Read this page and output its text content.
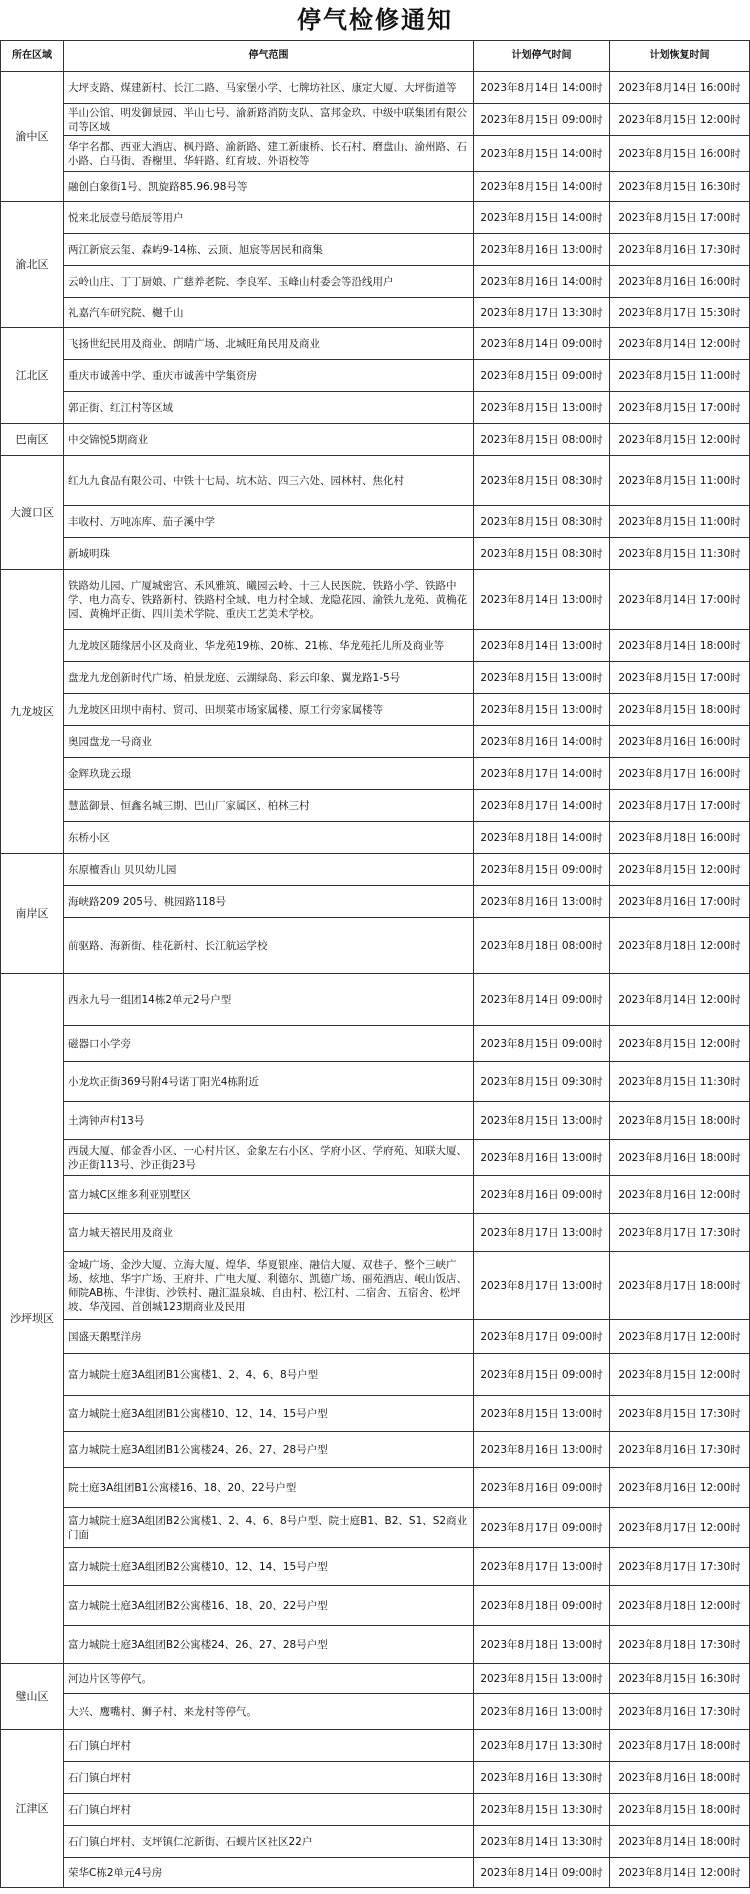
停气检修通知
所在区域	停气范围	计划停气时间	计划恢复时间
渝中区	大坪支路、煤建新村、长江二路、马家堡小学、七牌坊社区、康定大厦、大坪街道等	2023年8月14日 14:00时	2023年8月14日 16:00时
	半山公馆、明发御景园、半山七号、渝新路消防支队、富邦金玖、中级中联集团有限公司等区域	2023年8月15日 09:00时	2023年8月15日 12:00时
	华宇名都、西亚大酒店、枫丹路、渝新路、建工新康桥、长石村、磨盘山、渝州路、石小路、白马街、香榭里、华轩路、红育坡、外语校等	2023年8月15日 14:00时	2023年8月15日 16:00时
	融创白象街1号、凯旋路85.96.98号等	2023年8月15日 14:00时	2023年8月15日 16:30时
渝北区	悦来北辰壹号皓辰等用户	2023年8月15日 14:00时	2023年8月15日 17:00时
	两江新宸云玺、森屿9-14栋、云顶、旭宸等居民和商集	2023年8月16日 13:00时	2023年8月16日 17:30时
	云岭山庄、丁丁厨娘、广慈养老院、李良军、玉峰山村委会等沿线用户	2023年8月16日 14:00时	2023年8月16日 16:00时
	礼嘉汽车研究院、樾千山	2023年8月17日 13:30时	2023年8月17日 15:30时
江北区	飞扬世纪民用及商业、朗晴广场、北城旺角民用及商业	2023年8月14日 09:00时	2023年8月14日 12:00时
	重庆市诚善中学、重庆市诚善中学集资房	2023年8月15日 09:00时	2023年8月15日 11:00时
	郭正街、红江村等区域	2023年8月15日 13:00时	2023年8月15日 17:00时
巴南区	中交锦悦5期商业	2023年8月15日 08:00时	2023年8月15日 12:00时
大渡口区	红九九食品有限公司、中铁十七局、坑木站、四三六处、园林村、焦化村	2023年8月15日 08:30时	2023年8月15日 11:00时
	丰收村、万吨冻库、茄子溪中学	2023年8月15日 08:30时	2023年8月15日 11:00时
	新城明珠	2023年8月15日 08:30时	2023年8月15日 11:30时
九龙坡区	铁路幼儿园、广厦城密宫、禾风雅筑、曦园云岭、十三人民医院、铁路小学、铁路中学、电力高专、铁路新村、铁路村全域、电力村全域、龙隐花园、渝铁九龙苑、黄桷花园、黄桷坪正街、四川美术学院、重庆工艺美术学校。	2023年8月14日 13:00时	2023年8月14日 17:00时
	九龙坡区随缘居小区及商业、华龙苑19栋、20栋、21栋、华龙苑托儿所及商业等	2023年8月14日 13:00时	2023年8月14日 18:00时
	盘龙九龙创新时代广场、柏景龙庭、云湖绿岛、彩云印象、翼龙路1-5号	2023年8月15日 13:00时	2023年8月15日 17:00时
	九龙坡区田坝中南村、贸司、田坝菜市场家属楼、原工行旁家属楼等	2023年8月15日 13:00时	2023年8月15日 18:00时
	奥园盘龙一号商业	2023年8月16日 14:00时	2023年8月16日 16:00时
	金辉玖珑云璟	2023年8月17日 14:00时	2023年8月17日 16:00时
	慧蓝御景、恒鑫名城三期、巴山厂家属区、柏林三村	2023年8月17日 14:00时	2023年8月17日 17:00时
	东桥小区	2023年8月18日 14:00时	2023年8月18日 16:00时
南岸区	东原檀香山 贝贝幼儿园	2023年8月15日 09:00时	2023年8月15日 12:00时
	海峡路209 205号、桃园路118号	2023年8月16日 13:00时	2023年8月16日 17:00时
	前驱路、海新街、桂花新村、长江航运学校	2023年8月18日 08:00时	2023年8月18日 12:00时
沙坪坝区	西永九号一组团14栋2单元2号户型	2023年8月14日 09:00时	2023年8月14日 12:00时
	磁器口小学旁	2023年8月15日 09:00时	2023年8月15日 12:00时
	小龙坎正街369号附4号诺丁阳光4栋附近	2023年8月15日 09:30时	2023年8月15日 11:30时
	土湾钟声村13号	2023年8月15日 13:00时	2023年8月15日 18:00时
	西晟大厦、郁金香小区、一心村片区、金象左右小区、学府小区、学府苑、知联大厦、沙正街113号、沙正街23号	2023年8月16日 13:00时	2023年8月16日 18:00时
	富力城C区维多利亚别墅区	2023年8月16日 09:00时	2023年8月16日 12:00时
	富力城天禧民用及商业	2023年8月17日 13:00时	2023年8月17日 17:30时
	金城广场、金沙大厦、立海大厦、煌华、华夏银座、融信大厦、双巷子、整个三峡广场、炫地、华宇广场、王府井、广电大厦、利德尔、凯德广场、丽苑酒店、岷山饭店、师院AB栋、牛津街、沙铁村、融汇温泉城、自由村、松江村、二宿舍、五宿舍、松坪坡、华茂园、首创城123期商业及民用	2023年8月17日 13:00时	2023年8月17日 18:00时
	国盛天鹅墅洋房	2023年8月17日 09:00时	2023年8月17日 12:00时
	富力城院士庭3A组团B1公寓楼1、2、4、6、8号户型	2023年8月15日 09:00时	2023年8月15日 12:00时
	富力城院士庭3A组团B1公寓楼10、12、14、15号户型	2023年8月15日 13:00时	2023年8月15日 17:30时
	富力城院士庭3A组团B1公寓楼24、26、27、28号户型	2023年8月16日 13:00时	2023年8月16日 17:30时
	院士庭3A组团B1公寓楼16、18、20、22号户型	2023年8月16日 09:00时	2023年8月16日 12:00时
	富力城院士庭3A组团B2公寓楼1、2、4、6、8号户型、院士庭B1、B2、S1、S2商业门面	2023年8月17日 09:00时	2023年8月17日 12:00时
	富力城院士庭3A组团B2公寓楼10、12、14、15号户型	2023年8月17日 13:00时	2023年8月17日 17:30时
	富力城院士庭3A组团B2公寓楼16、18、20、22号户型	2023年8月18日 09:00时	2023年8月18日 12:00时
	富力城院士庭3A组团B2公寓楼24、26、27、28号户型	2023年8月18日 13:00时	2023年8月18日 17:30时
璧山区	河边片区等停气。	2023年8月15日 13:00时	2023年8月15日 16:30时
	大兴、鹰嘴村、狮子村、来龙村等停气。	2023年8月16日 13:00时	2023年8月16日 17:30时
江津区	石门镇白坪村	2023年8月17日 13:30时	2023年8月17日 18:00时
	石门镇白坪村	2023年8月16日 13:30时	2023年8月16日 18:00时
	石门镇白坪村	2023年8月15日 13:30时	2023年8月15日 18:00时
	石门镇白坪村、支坪镇仁沱新街、石蟆片区社区22户	2023年8月14日 13:30时	2023年8月14日 18:00时
	荣华C栋2单元4号房	2023年8月14日 09:00时	2023年8月14日 12:00时
